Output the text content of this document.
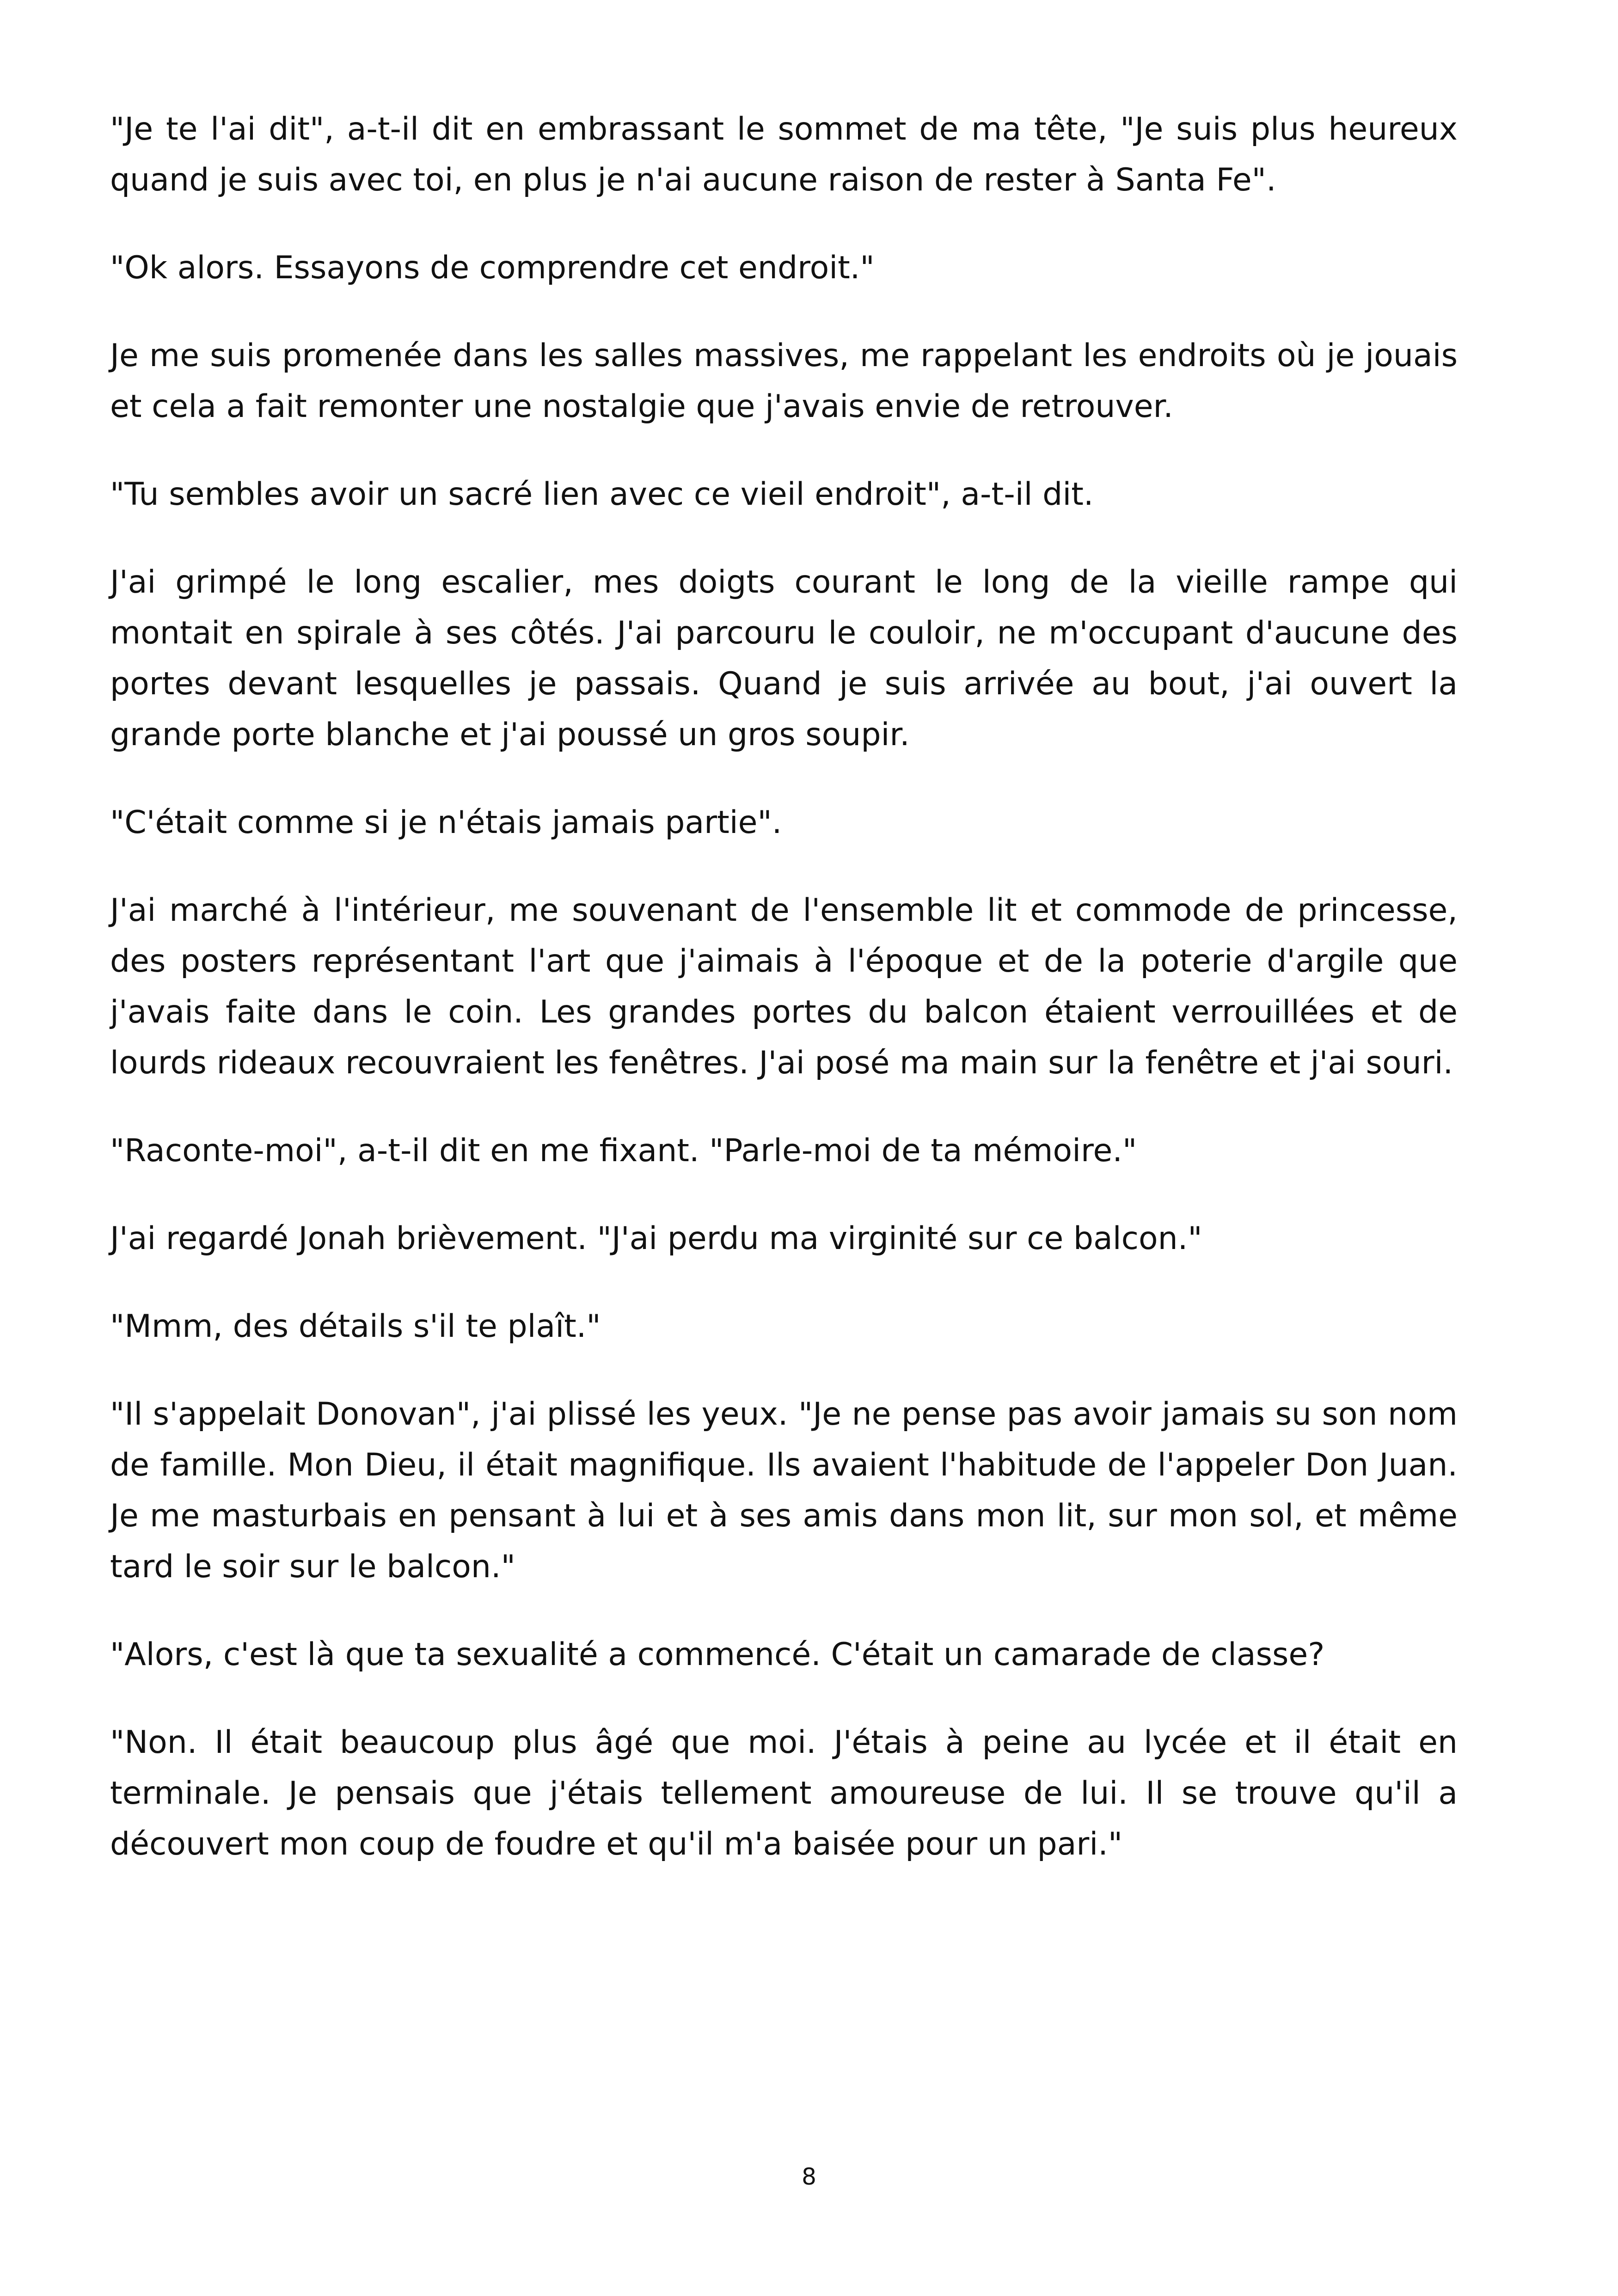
"Je te l'ai dit", a-t-il dit en embrassant le sommet de ma tête, "Je suis plus heureux quand je suis avec toi, en plus je n'ai aucune raison de rester à Santa Fe".

"Ok alors. Essayons de comprendre cet endroit."

Je me suis promenée dans les salles massives, me rappelant les endroits où je jouais et cela a fait remonter une nostalgie que j'avais envie de retrouver.

"Tu sembles avoir un sacré lien avec ce vieil endroit", a-t-il dit.

J'ai grimpé le long escalier, mes doigts courant le long de la vieille rampe qui montait en spirale à ses côtés. J'ai parcouru le couloir, ne m'occupant d'aucune des portes devant lesquelles je passais. Quand je suis arrivée au bout, j'ai ouvert la grande porte blanche et j'ai poussé un gros soupir.

"C'était comme si je n'étais jamais partie".

J'ai marché à l'intérieur, me souvenant de l'ensemble lit et commode de princesse, des posters représentant l'art que j'aimais à l'époque et de la poterie d'argile que j'avais faite dans le coin. Les grandes portes du balcon étaient verrouillées et de lourds rideaux recouvraient les fenêtres. J'ai posé ma main sur la fenêtre et j'ai souri.

"Raconte-moi", a-t-il dit en me fixant. "Parle-moi de ta mémoire."

J'ai regardé Jonah brièvement. "J'ai perdu ma virginité sur ce balcon."

"Mmm, des détails s'il te plaît."

"Il s'appelait Donovan", j'ai plissé les yeux. "Je ne pense pas avoir jamais su son nom de famille. Mon Dieu, il était magnifique. Ils avaient l'habitude de l'appeler Don Juan. Je me masturbais en pensant à lui et à ses amis dans mon lit, sur mon sol, et même tard le soir sur le balcon."

"Alors, c'est là que ta sexualité a commencé. C'était un camarade de classe?

"Non. Il était beaucoup plus âgé que moi. J'étais à peine au lycée et il était en terminale. Je pensais que j'étais tellement amoureuse de lui. Il se trouve qu'il a découvert mon coup de foudre et qu'il m'a baisée pour un pari."

8
